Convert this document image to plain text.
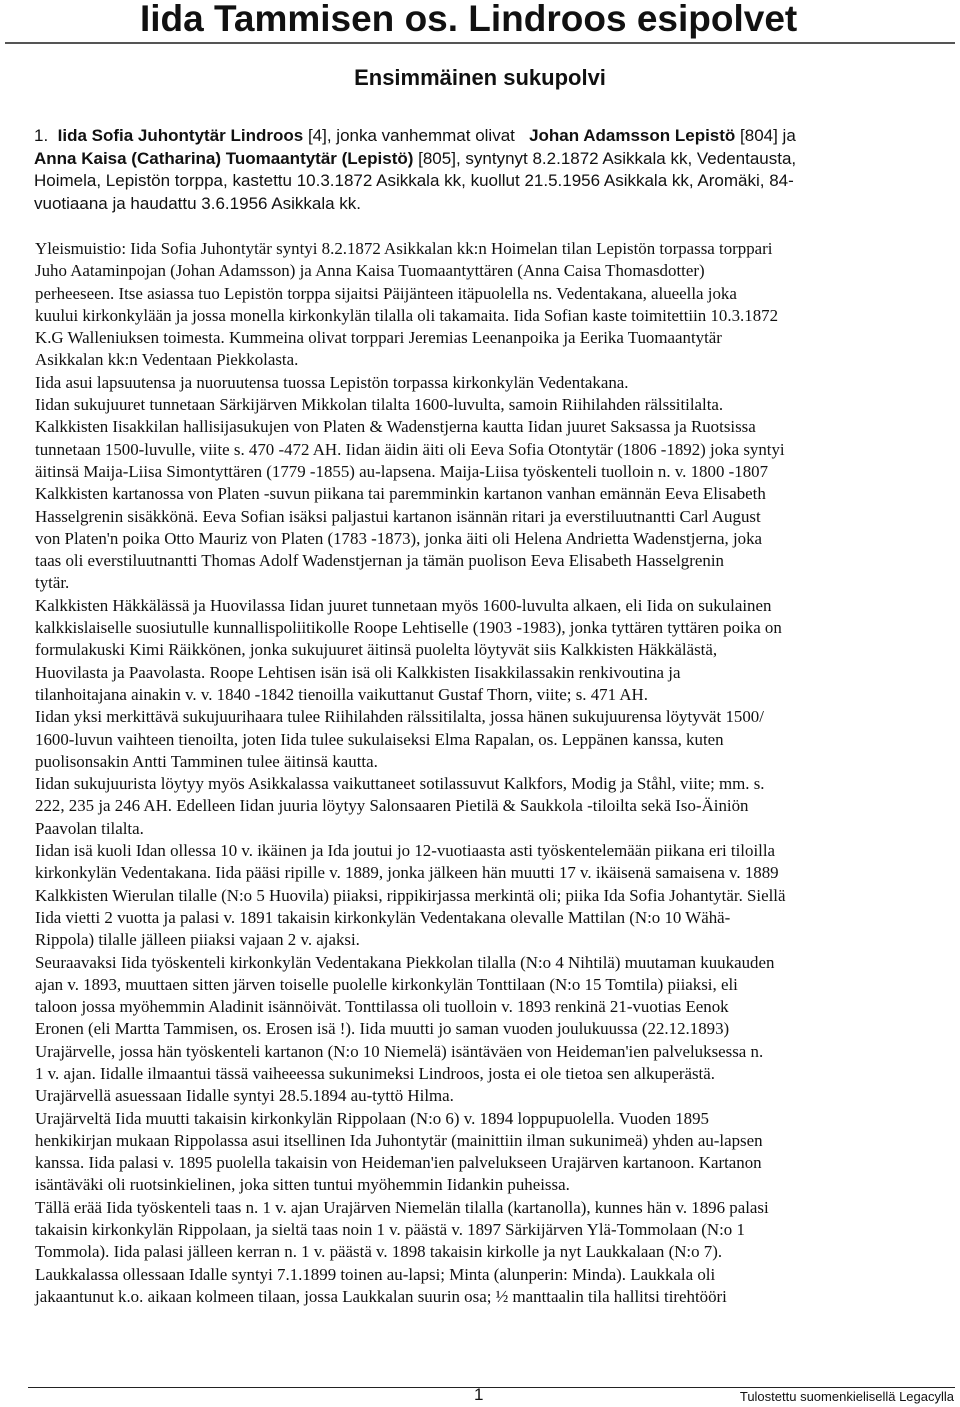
Iida Tammisen os. Lindroos esipolvet
Ensimmäinen sukupolvi
1. Iida Sofia Juhontytär Lindroos [4], jonka vanhemmat olivat   Johan Adamsson Lepistö [804] ja
Anna Kaisa (Catharina) Tuomaantytär (Lepistö) [805], syntynyt 8.2.1872 Asikkala kk, Vedentausta,
Hoimela, Lepistön torppa, kastettu 10.3.1872 Asikkala kk, kuollut 21.5.1956 Asikkala kk, Aromäki, 84-
vuotiaana ja haudattu 3.6.1956 Asikkala kk.
Yleismuistio: Iida Sofia Juhontytär syntyi 8.2.1872 Asikkalan kk:n Hoimelan tilan Lepistön torpassa torppari
Juho Aataminpojan (Johan Adamsson) ja Anna Kaisa Tuomaantyttären (Anna Caisa Thomasdotter)
perheeseen. Itse asiassa tuo Lepistön torppa sijaitsi Päijänteen itäpuolella ns. Vedentakana, alueella joka
kuului kirkonkylään ja jossa monella kirkonkylän tilalla oli takamaita. Iida Sofian kaste toimitettiin 10.3.1872
K.G Walleniuksen toimesta. Kummeina olivat torppari Jeremias Leenanpoika ja Eerika Tuomaantytär
Asikkalan kk:n Vedentaan Piekkolasta.
Iida asui lapsuutensa ja nuoruutensa tuossa Lepistön torpassa kirkonkylän Vedentakana.
Iidan sukujuuret tunnetaan Särkijärven Mikkolan tilalta 1600-luvulta, samoin Riihilahden rälssitilalta.
Kalkkisten Iisakkilan hallisijasukujen von Platen & Wadenstjerna kautta Iidan juuret Saksassa ja Ruotsissa
tunnetaan 1500-luvulle, viite s. 470 -472 AH. Iidan äidin äiti oli Eeva Sofia Otontytär (1806 -1892) joka syntyi
äitinsä Maija-Liisa Simontyttären (1779 -1855) au-lapsena. Maija-Liisa työskenteli tuolloin n. v. 1800 -1807
Kalkkisten kartanossa von Platen -suvun piikana tai paremminkin kartanon vanhan emännän Eeva Elisabeth
Hasselgrenin sisäkkönä. Eeva Sofian isäksi paljastui kartanon isännän ritari ja everstiluutnantti Carl August
von Platen'n poika Otto Mauriz von Platen (1783 -1873), jonka äiti oli Helena Andrietta Wadenstjerna, joka
taas oli everstiluutnantti Thomas Adolf Wadenstjernan ja tämän puolison Eeva Elisabeth Hasselgrenin
tytär.
Kalkkisten Häkkälässä ja Huovilassa Iidan juuret tunnetaan myös 1600-luvulta alkaen, eli Iida on sukulainen
kalkkislaiselle suosiutulle kunnallispoliitikolle Roope Lehtiselle (1903 -1983), jonka tyttären tyttären poika on
formulakuski Kimi Räikkönen, jonka sukujuuret äitinsä puolelta löytyvät siis Kalkkisten Häkkälästä,
Huovilasta ja Paavolasta. Roope Lehtisen isän isä oli Kalkkisten Iisakkilassakin renkivoutina ja
tilanhoitajana ainakin v. v. 1840 -1842 tienoilla vaikuttanut Gustaf Thorn, viite; s. 471 AH.
Iidan yksi merkittävä sukujuurihaara tulee Riihilahden rälssitilalta, jossa hänen sukujuurensa löytyvät 1500/
1600-luvun vaihteen tienoilta, joten Iida tulee sukulaiseksi Elma Rapalan, os. Leppänen kanssa, kuten
puolisonsakin Antti Tamminen tulee äitinsä kautta.
Iidan sukujuurista löytyy myös Asikkalassa vaikuttaneet sotilassuvut Kalkfors, Modig ja Ståhl, viite; mm. s.
222, 235 ja 246 AH. Edelleen Iidan juuria löytyy Salonsaaren Pietilä & Saukkola -tiloilta sekä Iso-Äiniön
Paavolan tilalta.
Iidan isä kuoli Idan ollessa 10 v. ikäinen ja Ida joutui jo 12-vuotiaasta asti työskentelemään piikana eri tiloilla
kirkonkylän Vedentakana. Iida pääsi ripille v. 1889, jonka jälkeen hän muutti 17 v. ikäisenä samaisena v. 1889
Kalkkisten Wierulan tilalle (N:o 5 Huovila) piiaksi, rippikirjassa merkintä oli; piika Ida Sofia Johantytär. Siellä
Iida vietti 2 vuotta ja palasi v. 1891 takaisin kirkonkylän Vedentakana olevalle Mattilan (N:o 10 Wähä-
Rippola) tilalle jälleen piiaksi vajaan 2 v. ajaksi.
Seuraavaksi Iida työskenteli kirkonkylän Vedentakana Piekkolan tilalla (N:o 4 Nihtilä) muutaman kuukauden
ajan v. 1893, muuttaen sitten järven toiselle puolelle kirkonkylän Tonttilaan (N:o 15 Tomtila) piiaksi, eli
taloon jossa myöhemmin Aladinit isännöivät. Tonttilassa oli tuolloin v. 1893 renkinä 21-vuotias Eenok
Eronen (eli Martta Tammisen, os. Erosen isä !). Iida muutti jo saman vuoden joulukuussa (22.12.1893)
Urajärvelle, jossa hän työskenteli kartanon (N:o 10 Niemelä) isäntäväen von Heideman'ien palveluksessa n.
1 v. ajan. Iidalle ilmaantui tässä vaiheeessa sukunimeksi Lindroos, josta ei ole tietoa sen alkuperästä.
Urajärvellä asuessaan Iidalle syntyi 28.5.1894 au-tyttö Hilma.
Urajärveltä Iida muutti takaisin kirkonkylän Rippolaan (N:o 6) v. 1894 loppupuolella. Vuoden 1895
henkikirjan mukaan Rippolassa asui itsellinen Ida Juhontytär (mainittiin ilman sukunimeä) yhden au-lapsen
kanssa. Iida palasi v. 1895 puolella takaisin von Heideman'ien palvelukseen Urajärven kartanoon. Kartanon
isäntäväki oli ruotsinkielinen, joka sitten tuntui myöhemmin Iidankin puheissa.
Tällä erää Iida työskenteli taas n. 1 v. ajan Urajärven Niemelän tilalla (kartanolla), kunnes hän v. 1896 palasi
takaisin kirkonkylän Rippolaan, ja sieltä taas noin 1 v. päästä v. 1897 Särkijärven Ylä-Tommolaan (N:o 1
Tommola). Iida palasi jälleen kerran n. 1 v. päästä v. 1898 takaisin kirkolle ja nyt Laukkalaan (N:o 7).
Laukkalassa ollessaan Idalle syntyi 7.1.1899 toinen au-lapsi; Minta (alunperin: Minda). Laukkala oli
jakaantunut k.o. aikaan kolmeen tilaan, jossa Laukkalan suurin osa; ½ manttaalin tila hallitsi tirehtööri
1	Tulostettu suomenkielisellä Legacylla
